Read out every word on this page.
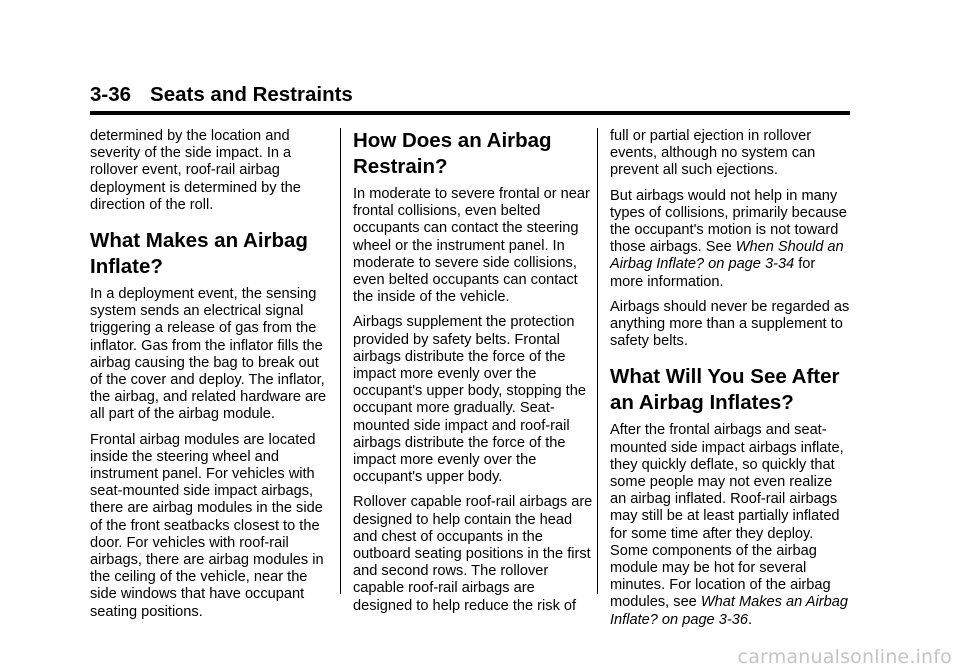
3-36 Seats and Restraints

determined by the location and severity of the side impact. In a rollover event, roof-rail airbag deployment is determined by the direction of the roll.

What Makes an Airbag Inflate?

In a deployment event, the sensing system sends an electrical signal triggering a release of gas from the inflator. Gas from the inflator fills the airbag causing the bag to break out of the cover and deploy. The inflator, the airbag, and related hardware are all part of the airbag module.

Frontal airbag modules are located inside the steering wheel and instrument panel. For vehicles with seat-mounted side impact airbags, there are airbag modules in the side of the front seatbacks closest to the door. For vehicles with roof-rail airbags, there are airbag modules in the ceiling of the vehicle, near the side windows that have occupant seating positions.

How Does an Airbag Restrain?

In moderate to severe frontal or near frontal collisions, even belted occupants can contact the steering wheel or the instrument panel. In moderate to severe side collisions, even belted occupants can contact the inside of the vehicle.

Airbags supplement the protection provided by safety belts. Frontal airbags distribute the force of the impact more evenly over the occupant's upper body, stopping the occupant more gradually. Seat-mounted side impact and roof-rail airbags distribute the force of the impact more evenly over the occupant's upper body.

Rollover capable roof-rail airbags are designed to help contain the head and chest of occupants in the outboard seating positions in the first and second rows. The rollover capable roof-rail airbags are designed to help reduce the risk of

full or partial ejection in rollover events, although no system can prevent all such ejections.

But airbags would not help in many types of collisions, primarily because the occupant's motion is not toward those airbags. See When Should an Airbag Inflate? on page 3-34 for more information.

Airbags should never be regarded as anything more than a supplement to safety belts.

What Will You See After an Airbag Inflates?

After the frontal airbags and seat-mounted side impact airbags inflate, they quickly deflate, so quickly that some people may not even realize an airbag inflated. Roof-rail airbags may still be at least partially inflated for some time after they deploy. Some components of the airbag module may be hot for several minutes. For location of the airbag modules, see What Makes an Airbag Inflate? on page 3-36.

carmanualsonline.info
